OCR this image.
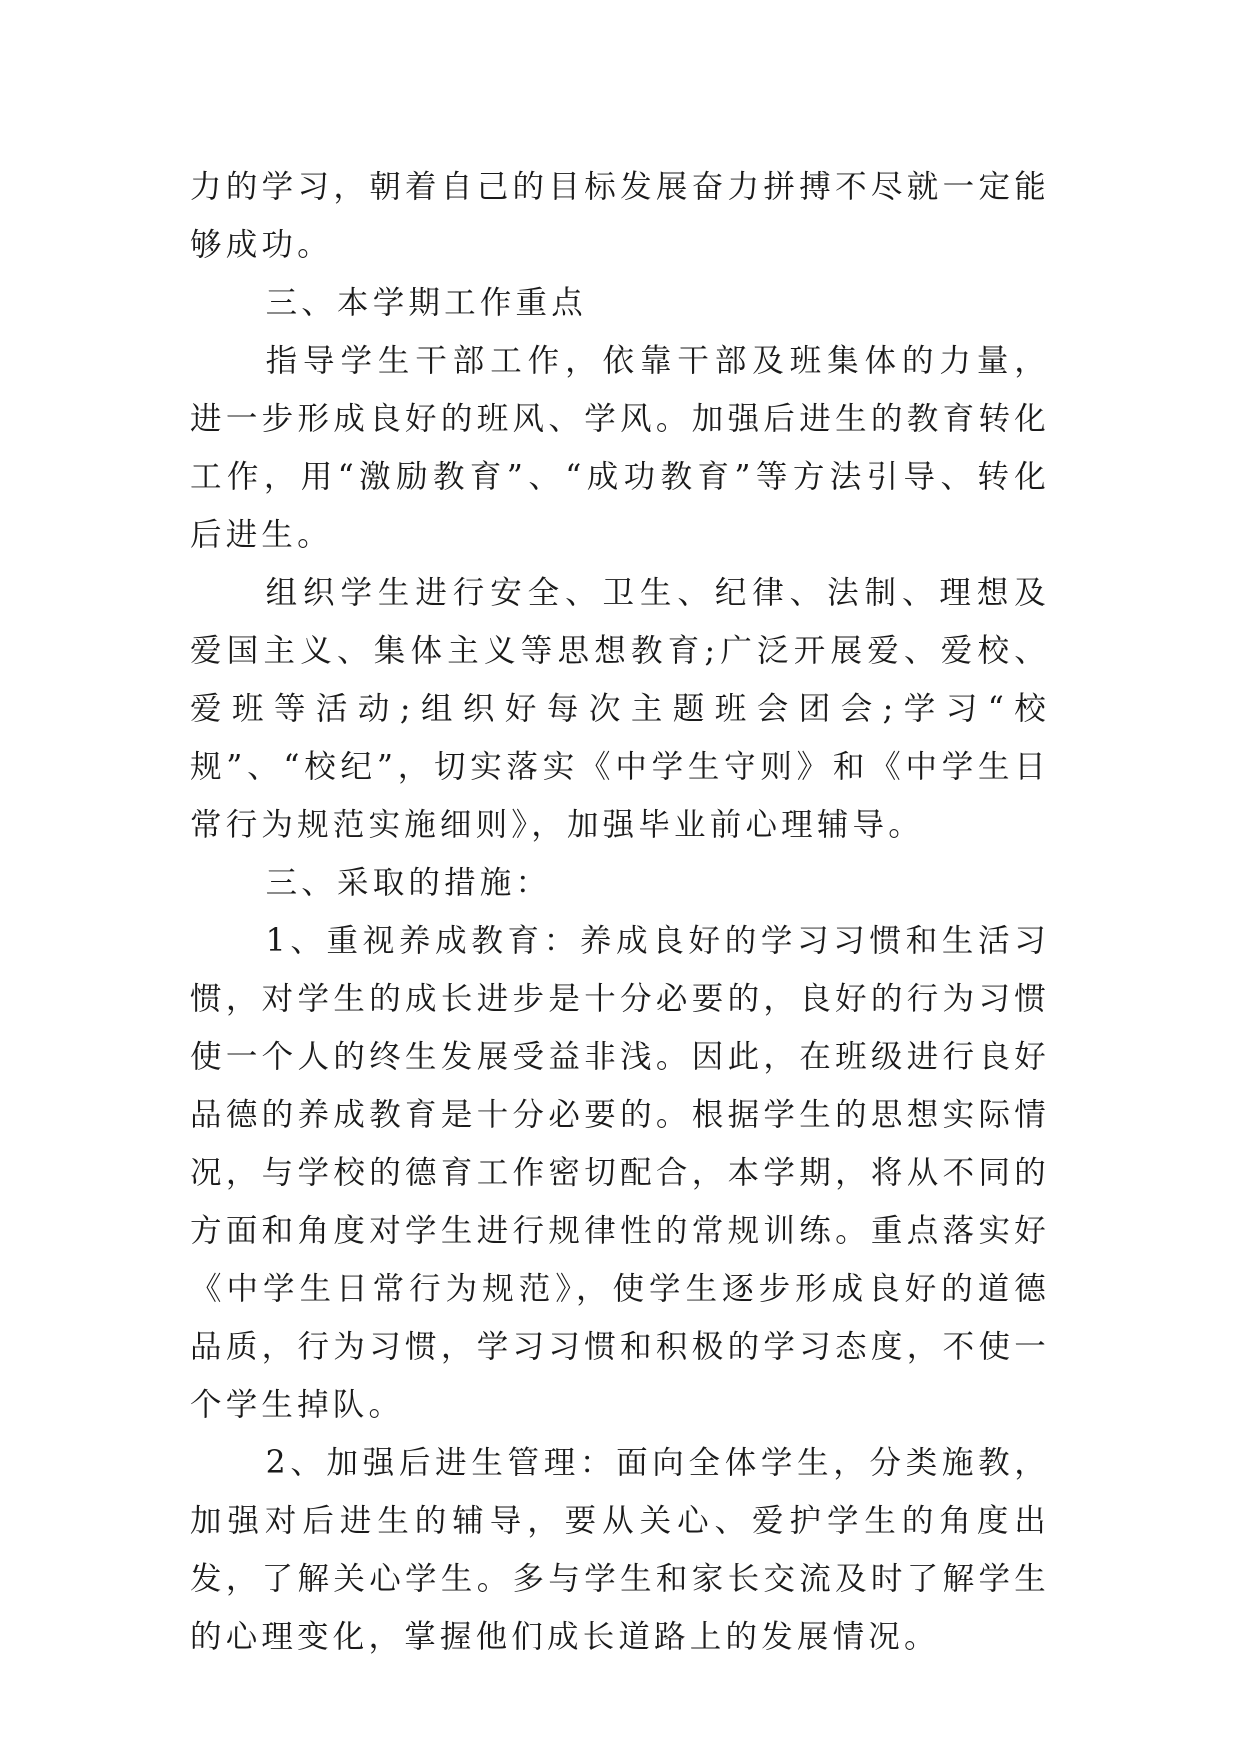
力的学习，朝着自己的目标发展奋力拼搏不尽就一定能够成功。

三、本学期工作重点

指导学生干部工作，依靠干部及班集体的力量，进一步形成良好的班风、学风。加强后进生的教育转化工作，用“激励教育”、“成功教育”等方法引导、转化后进生。

组织学生进行安全、卫生、纪律、法制、理想及爱国主义、集体主义等思想教育;广泛开展爱、爱校、爱班等活动;组织好每次主题班会团会;学习“校规”、“校纪”，切实落实《中学生守则》和《中学生日常行为规范实施细则》，加强毕业前心理辅导。

三、采取的措施：

1、重视养成教育：养成良好的学习习惯和生活习惯，对学生的成长进步是十分必要的，良好的行为习惯使一个人的终生发展受益非浅。因此，在班级进行良好品德的养成教育是十分必要的。根据学生的思想实际情况，与学校的德育工作密切配合，本学期，将从不同的方面和角度对学生进行规律性的常规训练。重点落实好《中学生日常行为规范》，使学生逐步形成良好的道德品质，行为习惯，学习习惯和积极的学习态度，不使一个学生掉队。

2、加强后进生管理：面向全体学生，分类施教，加强对后进生的辅导，要从关心、爱护学生的角度出发，了解关心学生。多与学生和家长交流及时了解学生的心理变化，掌握他们成长道路上的发展情况。
